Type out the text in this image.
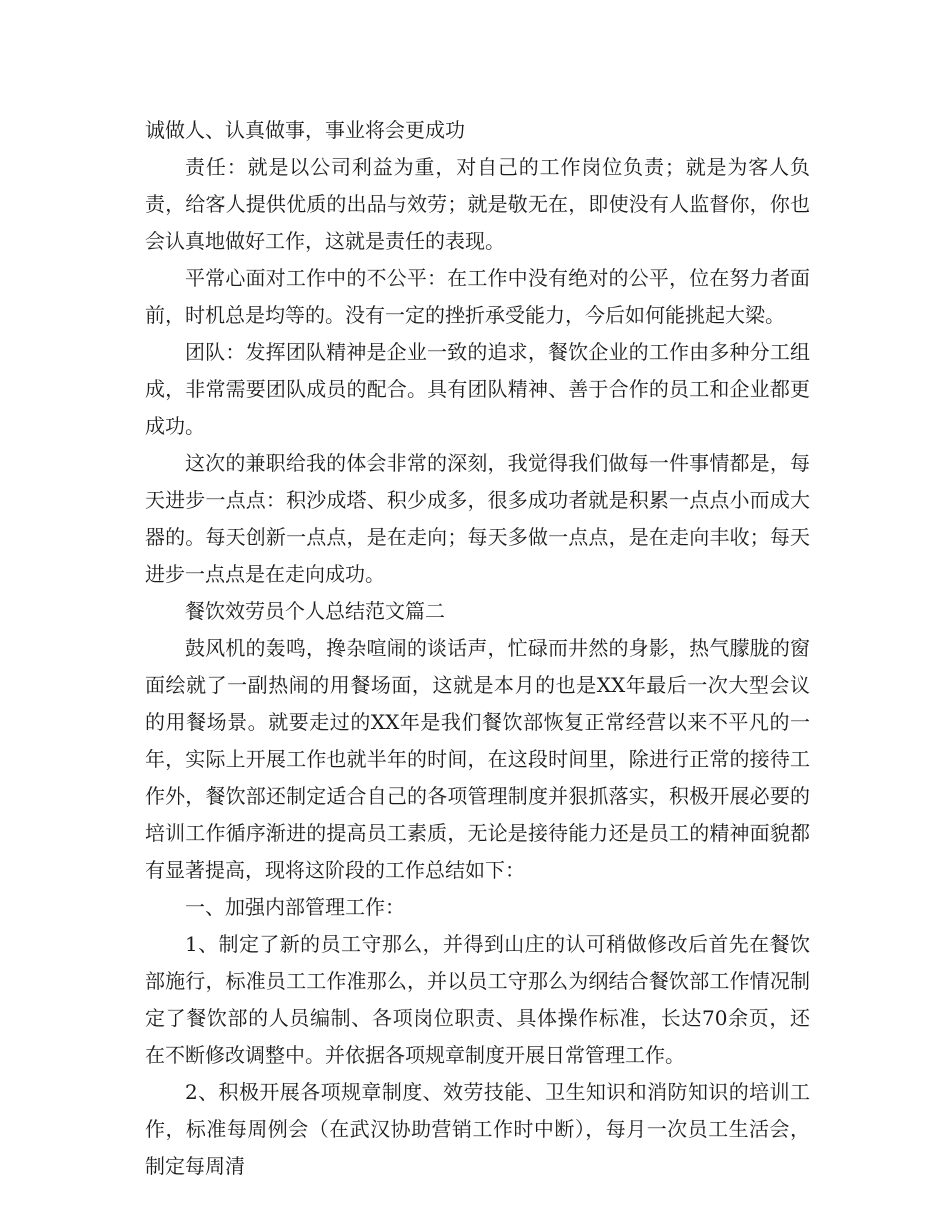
诚做人、认真做事，事业将会更成功

责任：就是以公司利益为重，对自己的工作岗位负责；就是为客人负责，给客人提供优质的出品与效劳；就是敬无在，即使没有人监督你，你也会认真地做好工作，这就是责任的表现。

平常心面对工作中的不公平：在工作中没有绝对的公平，位在努力者面前，时机总是均等的。没有一定的挫折承受能力，今后如何能挑起大梁。

团队：发挥团队精神是企业一致的追求，餐饮企业的工作由多种分工组成，非常需要团队成员的配合。具有团队精神、善于合作的员工和企业都更成功。

这次的兼职给我的体会非常的深刻，我觉得我们做每一件事情都是，每天进步一点点：积沙成塔、积少成多，很多成功者就是积累一点点小而成大器的。每天创新一点点，是在走向；每天多做一点点，是在走向丰收；每天进步一点点是在走向成功。

餐饮效劳员个人总结范文篇二

鼓风机的轰鸣，搀杂喧闹的谈话声，忙碌而井然的身影，热气朦胧的窗面绘就了一副热闹的用餐场面，这就是本月的也是XX年最后一次大型会议的用餐场景。就要走过的XX年是我们餐饮部恢复正常经营以来不平凡的一年，实际上开展工作也就半年的时间，在这段时间里，除进行正常的接待工作外，餐饮部还制定适合自己的各项管理制度并狠抓落实，积极开展必要的培训工作循序渐进的提高员工素质，无论是接待能力还是员工的精神面貌都有显著提高，现将这阶段的工作总结如下：

一、加强内部管理工作：

1、制定了新的员工守那么，并得到山庄的认可稍做修改后首先在餐饮部施行，标准员工工作准那么，并以员工守那么为纲结合餐饮部工作情况制定了餐饮部的人员编制、各项岗位职责、具体操作标准，长达70余页，还在不断修改调整中。并依据各项规章制度开展日常管理工作。

2、积极开展各项规章制度、效劳技能、卫生知识和消防知识的培训工作，标准每周例会（在武汉协助营销工作时中断），每月一次员工生活会，制定每周清
